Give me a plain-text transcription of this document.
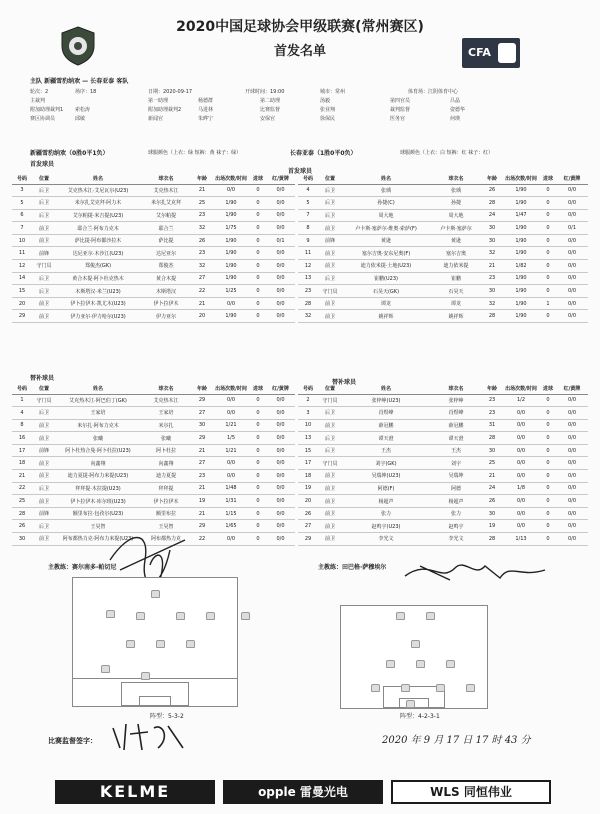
2020中国足球协会甲级联赛(常州赛区)
首发名单	CFA
主队 新疆雪豹纳欢 — 长春亚泰 客队
轮次：2	场序：18	日期：2020-09-17	开球时间：19:00	城市：常州	体育场：江阴体育中心
主裁判	第一助理	杨德群	第二助理	汤毅	第四官员	吕晶
附加助理裁判1 索松涛	附加助理裁判2	马进林	比赛监督	张业翔	裁判监督	姿德华
赛区协调员	邱敏	新闻官	朱晔宁	安保官	徐保民	医务官	何瑛
新疆雪豹纳欢（0胜0平1负）	球服颜色（上衣：绿 短裤：黄 袜子：绿）	长春亚泰（1胜0平0负）	球服颜色（上衣：白 短裤：红 袜子：红）
首发球员
首发球员
号码	位置	姓名	球衣名	年龄	出场次数/时间	进球	红/黄牌
3	后卫	艾克热木江·艾尼瓦尔(U23)	艾克热木江	21	0/0	0	0/0
5	后卫	米尔扎艾克拜·阿力木	米尔扎艾克拜	25	1/90	0	0/0
6	后卫	艾尔帕提·米吉提(U23)	艾尔帕提	23	1/90	0	0/0
7	前卫	耶合兰·阿布力克木	耶合兰	32	1/75	0	0/0
10	前卫	萨比提·阿布都沙拉木	萨比提	26	1/90	0	0/1
11	前锋	达尼亚尔·木沙江(U23)	达尼亚尔	23	1/90	0	0/0
12	守门员	郑俊杰(GK)	郑俊杰	32	1/90	0	0/0
14	后卫	黄合木提·阿卜杜克热木	黄合木提	27	1/90	0	0/0
15	后卫	木斯塔汉·米兰(U23)	木斯塔汉	22	1/25	0	0/0
20	前卫	伊卜拉伊木·凯尤木(U23)	伊卜拉伊木	21	0/0	0	0/0
29	前卫	伊力亚尔·伊力哈尔(U23)	伊力亚尔	20	1/90	0	0/0
号码	位置	姓名	球衣名	年龄	出场次数/时间	进球	红/黄牌
4	后卫	张瑀	张瑀	26	1/90	0	0/0
5	后卫	孙捷(C)	孙捷	28	1/90	0	0/0
7	后卫	周大地	周大地	24	1/47	0	0/0
8	前卫	卢卡斯·塞萨尔·维奥·索萨(F)	卢卡斯·塞萨尔	30	1/90	0	0/1
9	前锋	黄逊	黄逊	30	1/90	0	0/0
11	前卫	塞尔吉奥·安东尼奥(F)	塞尔吉奥	32	1/90	0	0/0
12	前卫	迪力依米提·土地(U23)	迪力依米提	21	1/82	0	0/0
13	后卫	崔鹏(U23)	崔鹏	23	1/90	0	0/0
23	守门员	石昊天(GK)	石昊天	30	1/90	0	0/0
28	前卫	谭龙	谭龙	32	1/90	1	0/0
32	前卫	姚祥辉	姚祥辉	28	1/90	0	0/0
替补球员
替补球员
号码	位置	姓名	球衣名	年龄	出场次数/时间	进球	红/黄牌
1	守门员	艾克热木江·阿巴伯丁(GK)	艾克热木江	29	0/0	0	0/0
4	后卫	王家培	王家培	27	0/0	0	0/0
8	前卫	米尔扎·阿布力克木	米尔扎	30	1/21	0	0/0
16	前卫	张曦	张曦	29	1/5	0	0/0
17	前锋	阿卜杜热合曼·阿卜杜拉(U23)	阿卜杜拉	21	1/21	0	0/0
18	前卫	向鑫翔	向鑫翔	27	0/0	0	0/0
21	前卫	迪力夏提·阿布力米提(U23)	迪力夏提	23	0/0	0	0/0
22	后卫	拜拜提·木拉提(U23)	拜拜提	21	1/48	0	0/0
25	前卫	伊卜拉伊木·库尔班(U23)	伊卜拉伊木	19	1/31	0	0/0
28	前锋	额里布拉·包孜尔(U23)	额里布拉	21	1/15	0	0/0
26	后卫	王昊智	王昊智	29	1/65	0	0/0
30	前卫	阿布都热力克·阿布力米提(U23)	阿布都热力克	22	0/0	0	0/0
号码	位置	姓名	球衣名	年龄	出场次数/时间	进球	红/黄牌
2	守门员	张梓峥(U23)	张梓峥	23	1/2	0	0/0
3	后卫	肖煜峰	肖煜峰	23	0/0	0	0/0
10	前卫	薛冠鹏	薛冠鹏	31	0/0	0	0/0
13	后卫	谭天澄	谭天澄	28	0/0	0	0/0
15	后卫	王杰	王杰	30	0/0	0	0/0
17	守门员	刘宇(GK)	刘宇	25	0/0	0	0/0
18	前卫	吴瑞坤(U23)	吴瑞坤	21	0/0	0	0/0
19	前卫	阿德(F)	阿德	24	1/8	0	0/0
20	前卫	杨超声	杨超声	26	0/0	0	0/0
26	前卫	张力	张力	30	0/0	0	0/0
27	前卫	赵鸣宇(U23)	赵鸣宇	19	0/0	0	0/0
29	前卫	李光文	李光文	28	1/13	0	0/0
主教练：赛尔南多-帕切尼	主教练：田巴格·萨穆埃尔
阵型：5-3-2	阵型：4-2-3-1
比赛监督签字：	2020 年 9 月 17 日 17 时 43 分
KELME	opple 雷曼光电	WLS 同恒伟业
